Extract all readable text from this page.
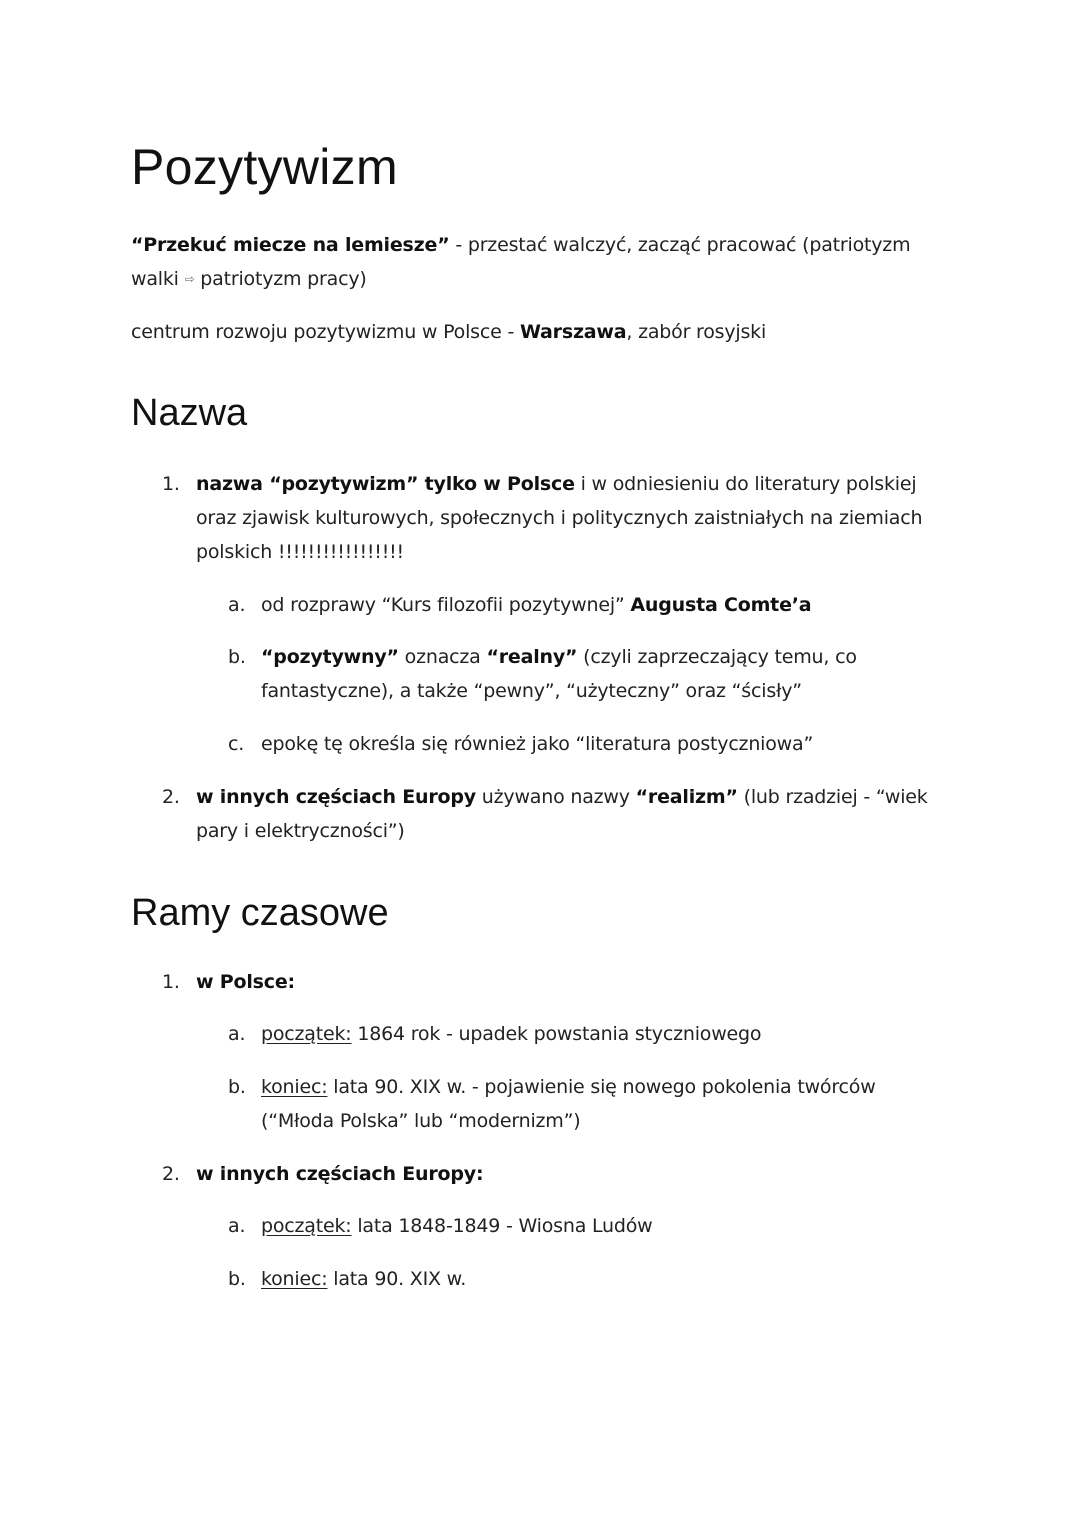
Pozytywizm

“Przekuć miecze na lemiesze” - przestać walczyć, zacząć pracować (patriotyzm walki ⇨ patriotyzm pracy)

centrum rozwoju pozytywizmu w Polsce - Warszawa, zabór rosyjski

Nazwa
1. nazwa “pozytywizm” tylko w Polsce i w odniesieniu do literatury polskiej oraz zjawisk kulturowych, społecznych i politycznych zaistniałych na ziemiach polskich !!!!!!!!!!!!!!!!!
a. od rozprawy “Kurs filozofii pozytywnej” Augusta Comte’a
b. “pozytywny” oznacza “realny” (czyli zaprzeczający temu, co fantastyczne), a także “pewny”, “użyteczny” oraz “ścisły”
c. epokę tę określa się również jako “literatura postyczniowa”
2. w innych częściach Europy używano nazwy “realizm” (lub rzadziej - “wiek pary i elektryczności”)
Ramy czasowe
1. w Polsce:
a. początek: 1864 rok - upadek powstania styczniowego
b. koniec: lata 90. XIX w. - pojawienie się nowego pokolenia twórców (“Młoda Polska” lub “modernizm”)
2. w innych częściach Europy:
a. początek: lata 1848-1849 - Wiosna Ludów
b. koniec: lata 90. XIX w.
